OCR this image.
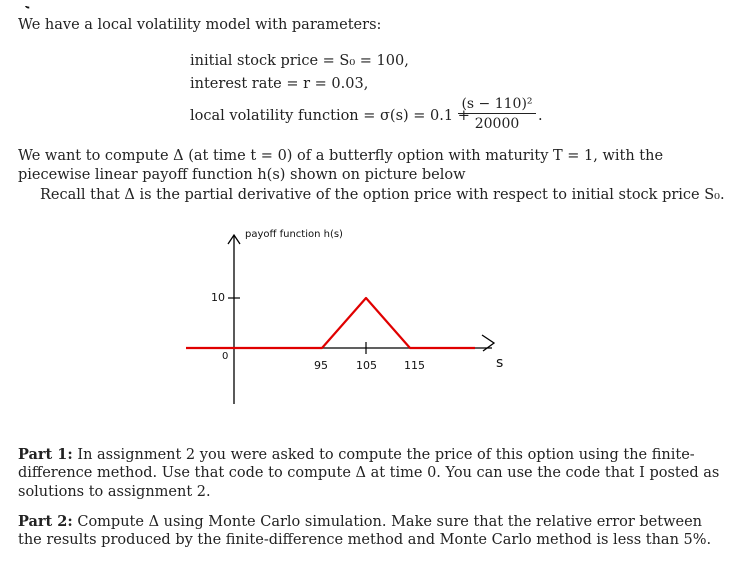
We have a local volatility model with parameters:
initial stock price = S₀ = 100,
interest rate = r = 0.03,
local volatility function = σ(s) = 0.1 +
$\frac{\text{(s − 110)²}}{20000}$ .
We want to compute Δ (at time t = 0) of a butterfly option with maturity T = 1, with the
piecewise linear payoff function h(s) shown on picture below
Recall that Δ is the partial derivative of the option price with respect to initial stock price S₀.
payoff function h(s)
10
0	s
95	105 115
Part 1: In assignment 2 you were asked to compute the price of this option using the finite-
difference method. Use that code to compute Δ at time 0. You can use the code that I posted as
solutions to assignment 2.
Part 2: Compute Δ using Monte Carlo simulation. Make sure that the relative error between
the results produced by the finite-difference method and Monte Carlo method is less than 5%.
